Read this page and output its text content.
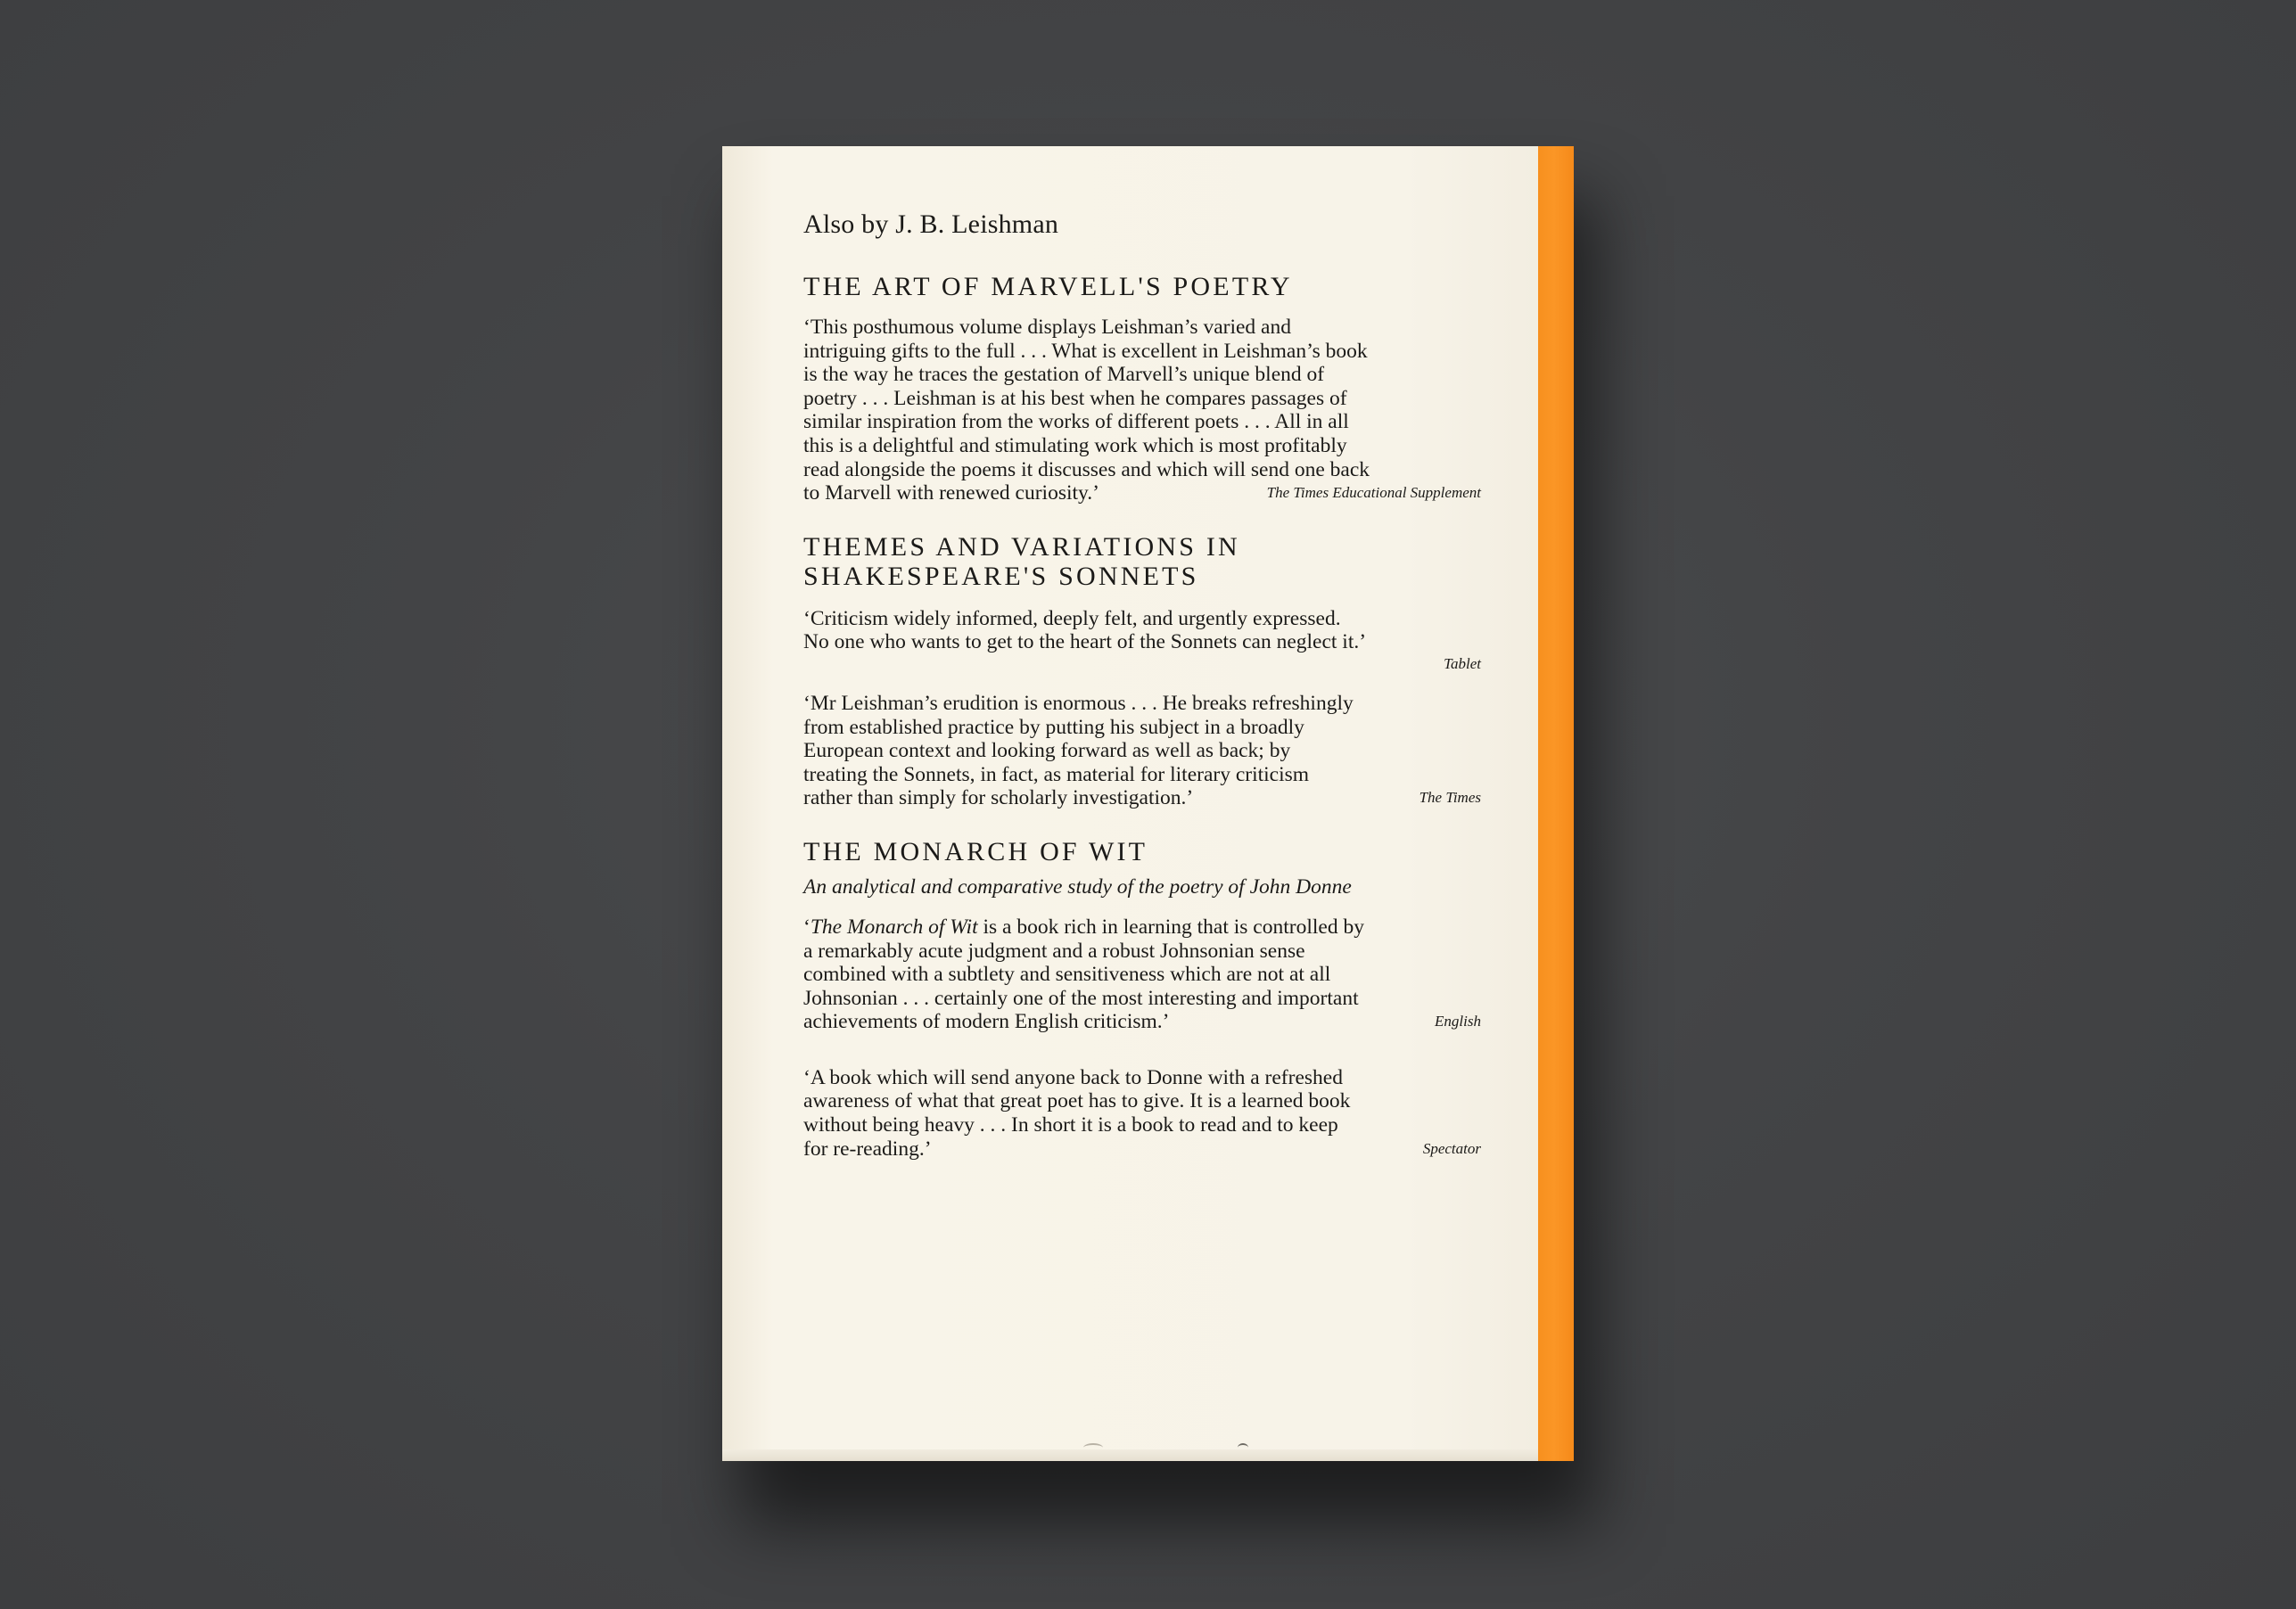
Also by J. B. Leishman
THE ART OF MARVELL'S POETRY
‘This posthumous volume displays Leishman’s varied and
intriguing gifts to the full . . . What is excellent in Leishman’s book
is the way he traces the gestation of Marvell’s unique blend of
poetry . . . Leishman is at his best when he compares passages of
similar inspiration from the works of different poets . . . All in all
this is a delightful and stimulating work which is most profitably
read alongside the poems it discusses and which will send one back
to Marvell with renewed curiosity.’	The Times Educational Supplement
THEMES AND VARIATIONS IN
SHAKESPEARE'S SONNETS
‘Criticism widely informed, deeply felt, and urgently expressed.
No one who wants to get to the heart of the Sonnets can neglect it.’
Tablet
‘Mr Leishman’s erudition is enormous . . . He breaks refreshingly
from established practice by putting his subject in a broadly
European context and looking forward as well as back; by
treating the Sonnets, in fact, as material for literary criticism
rather than simply for scholarly investigation.’	The Times
THE MONARCH OF WIT
An analytical and comparative study of the poetry of John Donne
‘The Monarch of Wit is a book rich in learning that is controlled by
a remarkably acute judgment and a robust Johnsonian sense
combined with a subtlety and sensitiveness which are not at all
Johnsonian . . . certainly one of the most interesting and important
achievements of modern English criticism.’	English
‘A book which will send anyone back to Donne with a refreshed
awareness of what that great poet has to give. It is a learned book
without being heavy . . . In short it is a book to read and to keep
for re-reading.’	Spectator
